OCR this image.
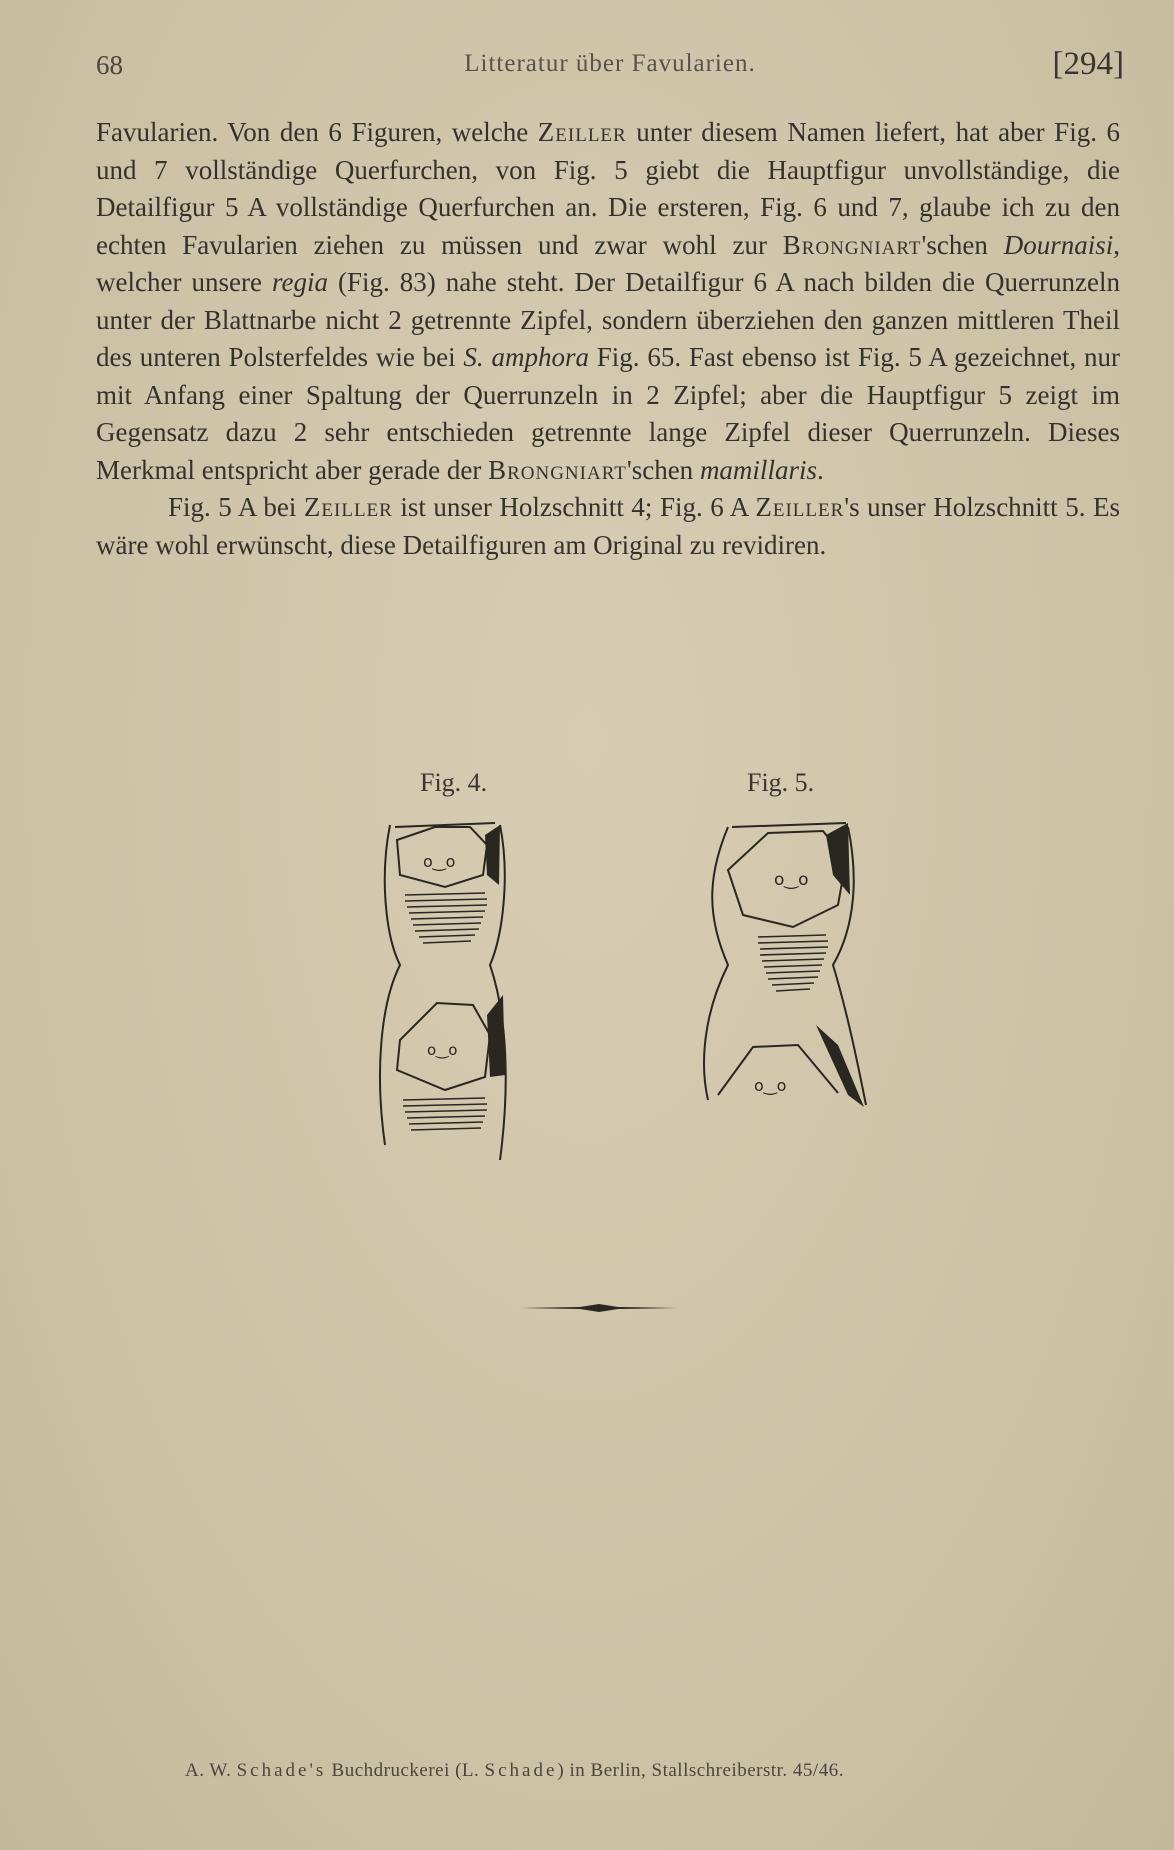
68	Litteratur über Favularien.	[294]

Favularien. Von den 6 Figuren, welche Zeiller unter diesem Namen liefert, hat aber Fig. 6 und 7 vollständige Querfurchen, von Fig. 5 giebt die Hauptfigur unvollständige, die Detailfigur 5 A vollständige Querfurchen an. Die ersteren, Fig. 6 und 7, glaube ich zu den echten Favularien ziehen zu müssen und zwar wohl zur Brongniart'schen Dournaisi, welcher unsere regia (Fig. 83) nahe steht. Der Detailfigur 6 A nach bilden die Querrunzeln unter der Blattnarbe nicht 2 getrennte Zipfel, sondern überziehen den ganzen mittleren Theil des unteren Polsterfeldes wie bei S. amphora Fig. 65. Fast ebenso ist Fig. 5 A gezeichnet, nur mit Anfang einer Spaltung der Querrunzeln in 2 Zipfel; aber die Hauptfigur 5 zeigt im Gegensatz dazu 2 sehr entschieden getrennte lange Zipfel dieser Querrunzeln. Dieses Merkmal entspricht aber gerade der Brongniart'schen mamillaris.

Fig. 5 A bei Zeiller ist unser Holzschnitt 4; Fig. 6 A Zeiller's unser Holzschnitt 5. Es wäre wohl erwünscht, diese Detailfiguren am Original zu revidiren.

Fig. 4.	Fig. 5.
o‿o
o‿o
o‿o
o‿o
A. W. Schade's Buchdruckerei (L. Schade) in Berlin, Stallschreiberstr. 45/46.
